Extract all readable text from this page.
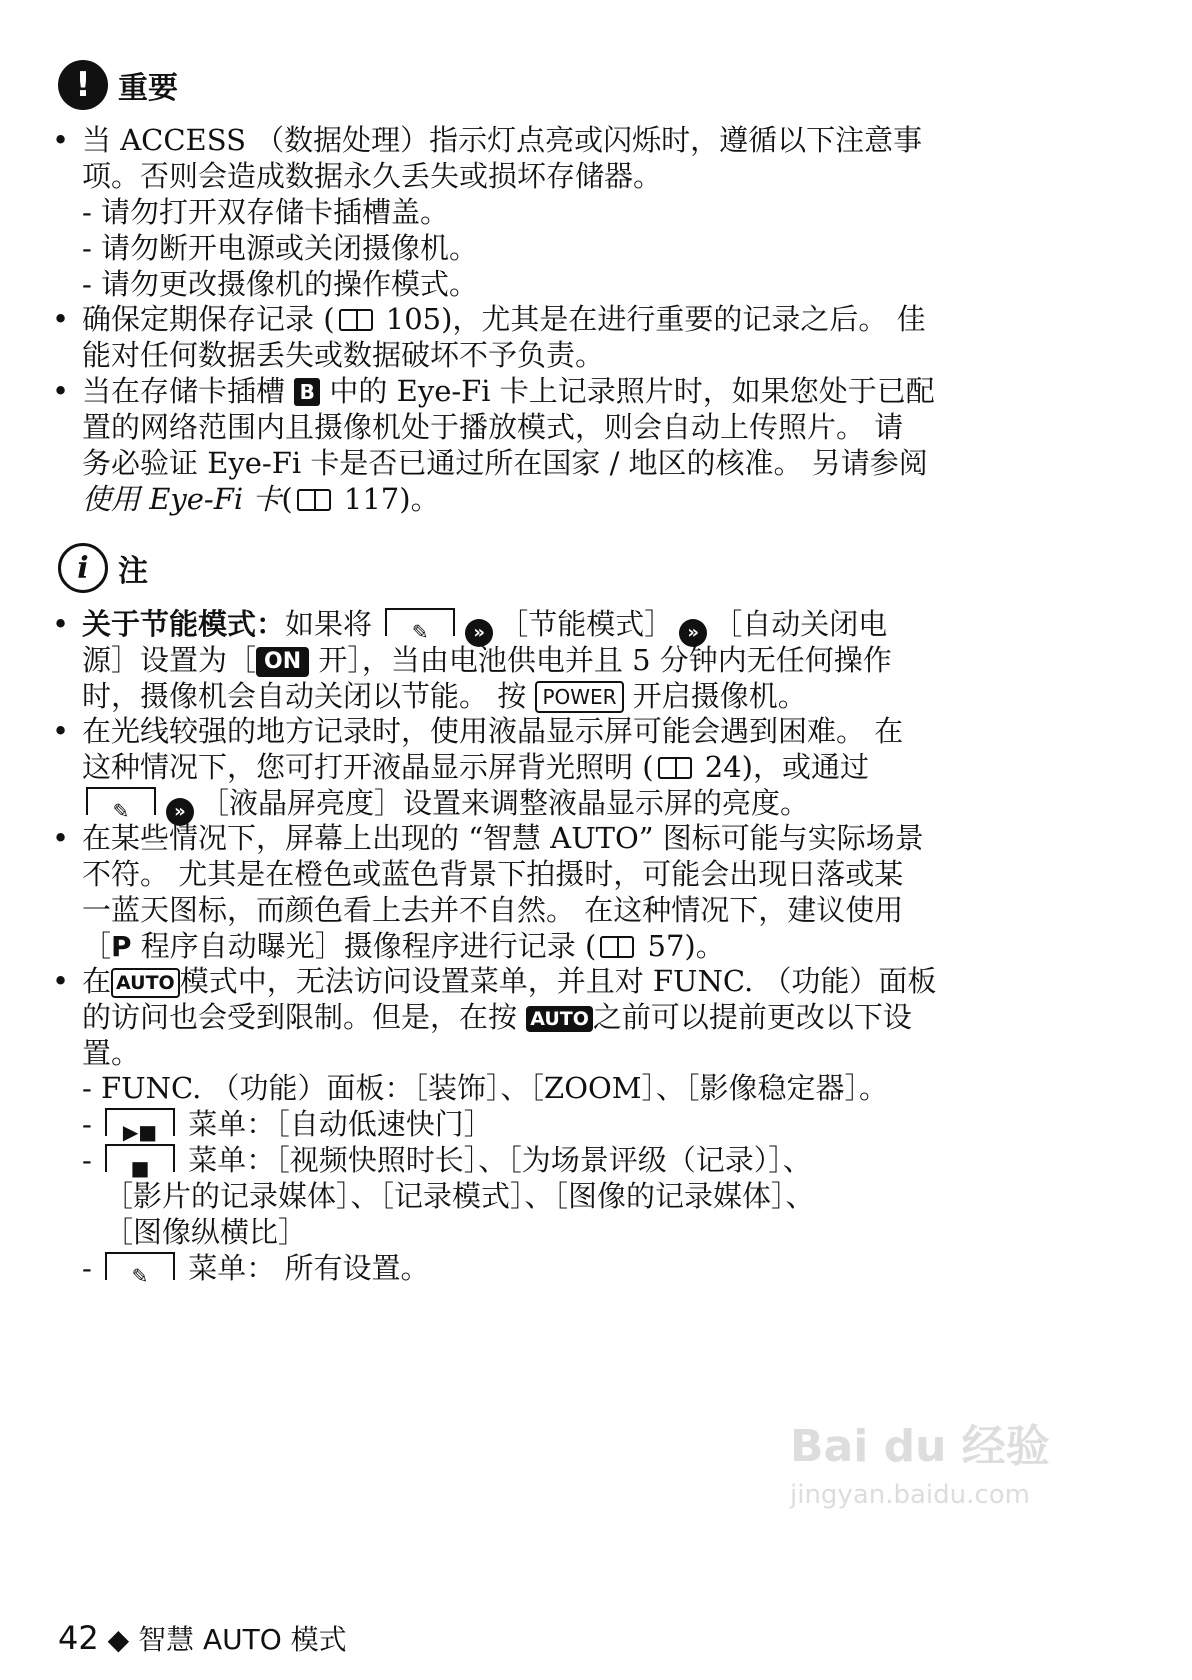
! 重要
• 当 ACCESS （数据处理）指示灯点亮或闪烁时，遵循以下注意事
项。否则会造成数据永久丢失或损坏存储器。
- 请勿打开双存储卡插槽盖。
- 请勿断开电源或关闭摄像机。
- 请勿更改摄像机的操作模式。
• 确保定期保存记录 ( 105)，尤其是在进行重要的记录之后。 佳
能对任何数据丢失或数据破坏不予负责。
• 当在存储卡插槽 B 中的 Eye-Fi 卡上记录照片时，如果您处于已配
置的网络范围内且摄像机处于播放模式，则会自动上传照片。 请
务必验证 Eye-Fi 卡是否已通过所在国家 / 地区的核准。 另请参阅
使用 Eye-Fi 卡( 117)。
i 注
• 关于节能模式：如果将 ✎ » ［节能模式］ » ［自动关闭电
源］设置为［ ON 开］，当由电池供电并且 5 分钟内无任何操作
时，摄像机会自动关闭以节能。 按 POWER 开启摄像机。
• 在光线较强的地方记录时，使用液晶显示屏可能会遇到困难。 在
这种情况下，您可打开液晶显示屏背光照明 ( 24)，或通过
✎ » ［液晶屏亮度］设置来调整液晶显示屏的亮度。
• 在某些情况下，屏幕上出现的 “智慧 AUTO” 图标可能与实际场景
不符。 尤其是在橙色或蓝色背景下拍摄时，可能会出现日落或某
一蓝天图标，而颜色看上去并不自然。 在这种情况下，建议使用
［P 程序自动曝光］摄像程序进行记录 ( 57)。
• 在 AUTO 模式中，无法访问设置菜单，并且对 FUNC. （功能）面板
的访问也会受到限制。但是，在按 AUTO 之前可以提前更改以下设
置。
- FUNC. （功能）面板：［装饰］、［ZOOM］、［影像稳定器］。
- ▶■ 菜单：［自动低速快门］
- ■ 菜单：［视频快照时长］、［为场景评级（记录）］、
［影片的记录媒体］、［记录模式］、［图像的记录媒体］、
［图像纵横比］
- ✎ 菜单： 所有设置。
42 ◆ 智慧 AUTO 模式
Bai du 经验
jingyan.baidu.com
